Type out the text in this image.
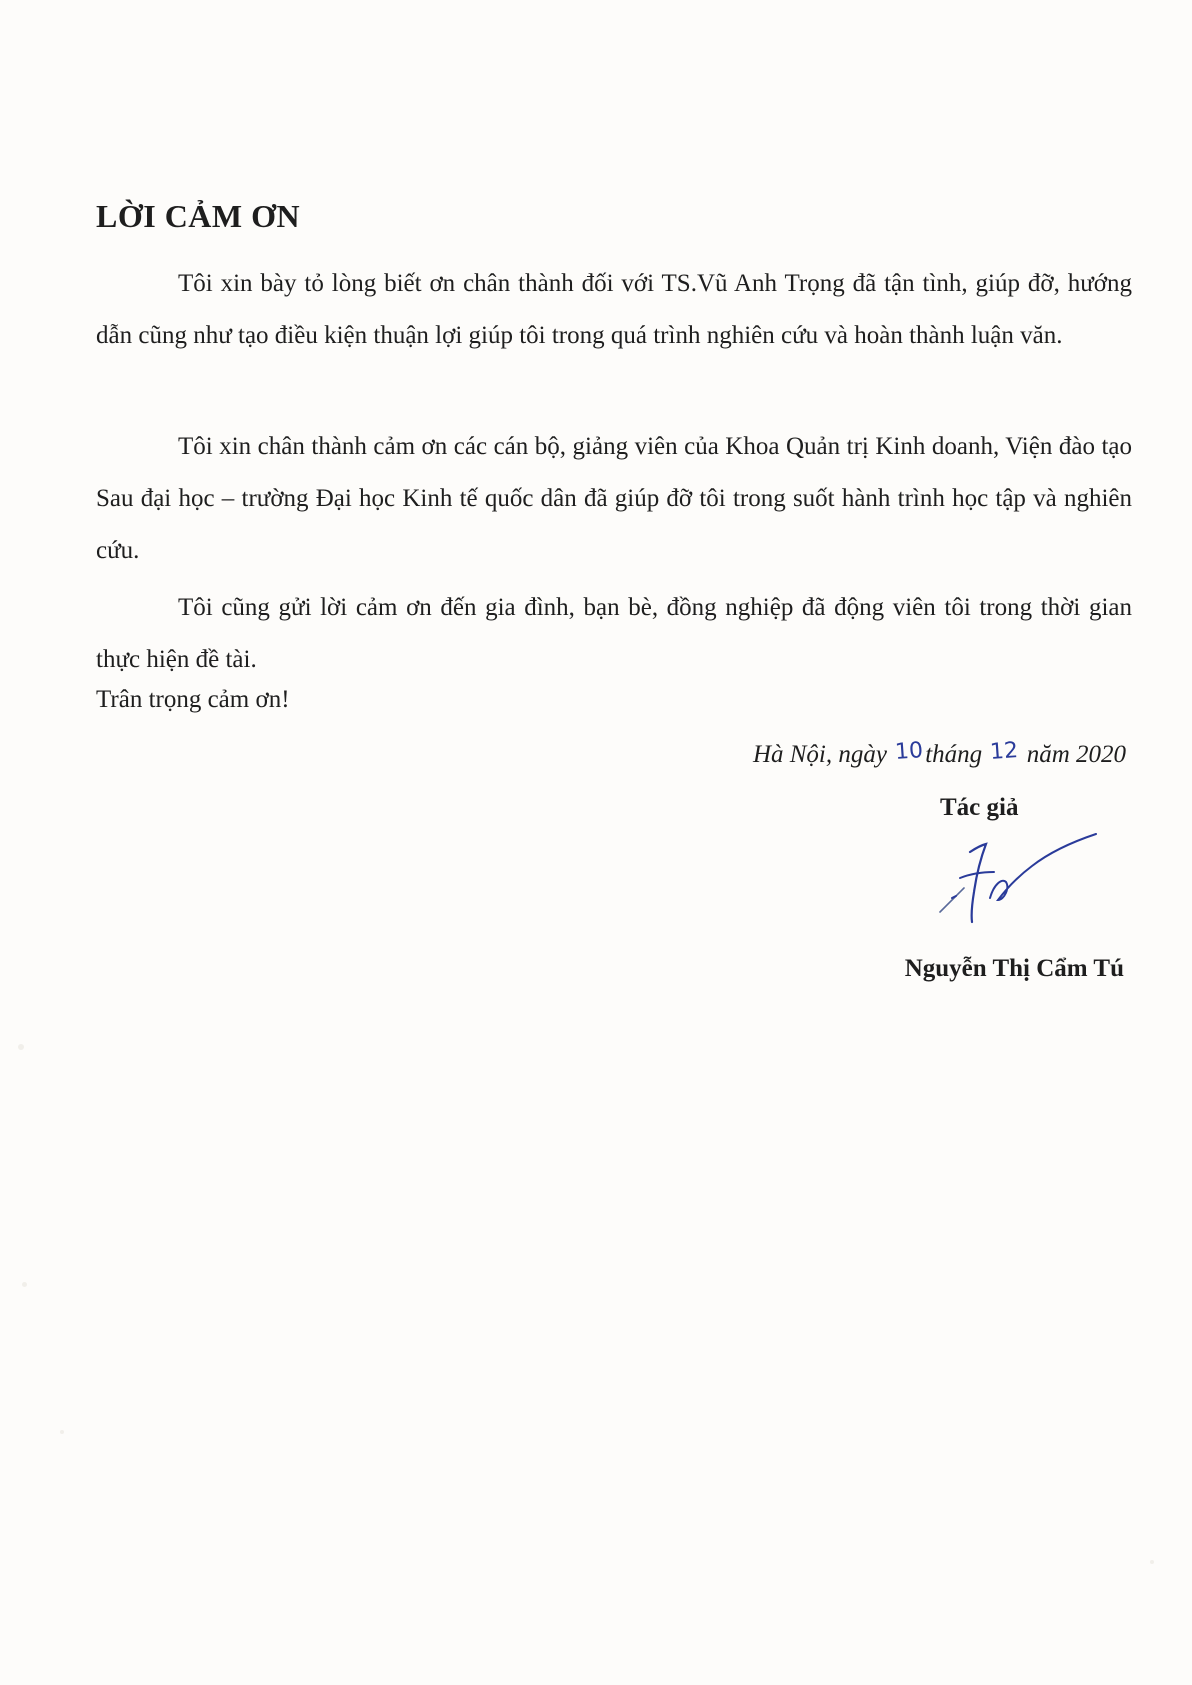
LỜI CẢM ƠN

Tôi xin bày tỏ lòng biết ơn chân thành đối với TS.Vũ Anh Trọng đã tận tình, giúp đỡ, hướng dẫn cũng như tạo điều kiện thuận lợi giúp tôi trong quá trình nghiên cứu và hoàn thành luận văn.

Tôi xin chân thành cảm ơn các cán bộ, giảng viên của Khoa Quản trị Kinh doanh, Viện đào tạo Sau đại học – trường Đại học Kinh tế quốc dân đã giúp đỡ tôi trong suốt hành trình học tập và nghiên cứu.

Tôi cũng gửi lời cảm ơn đến gia đình, bạn bè, đồng nghiệp đã động viên tôi trong thời gian thực hiện đề tài.

Trân trọng cảm ơn!

Hà Nội, ngày 10tháng 12 năm 2020

Tác giả

Nguyễn Thị Cẩm Tú
